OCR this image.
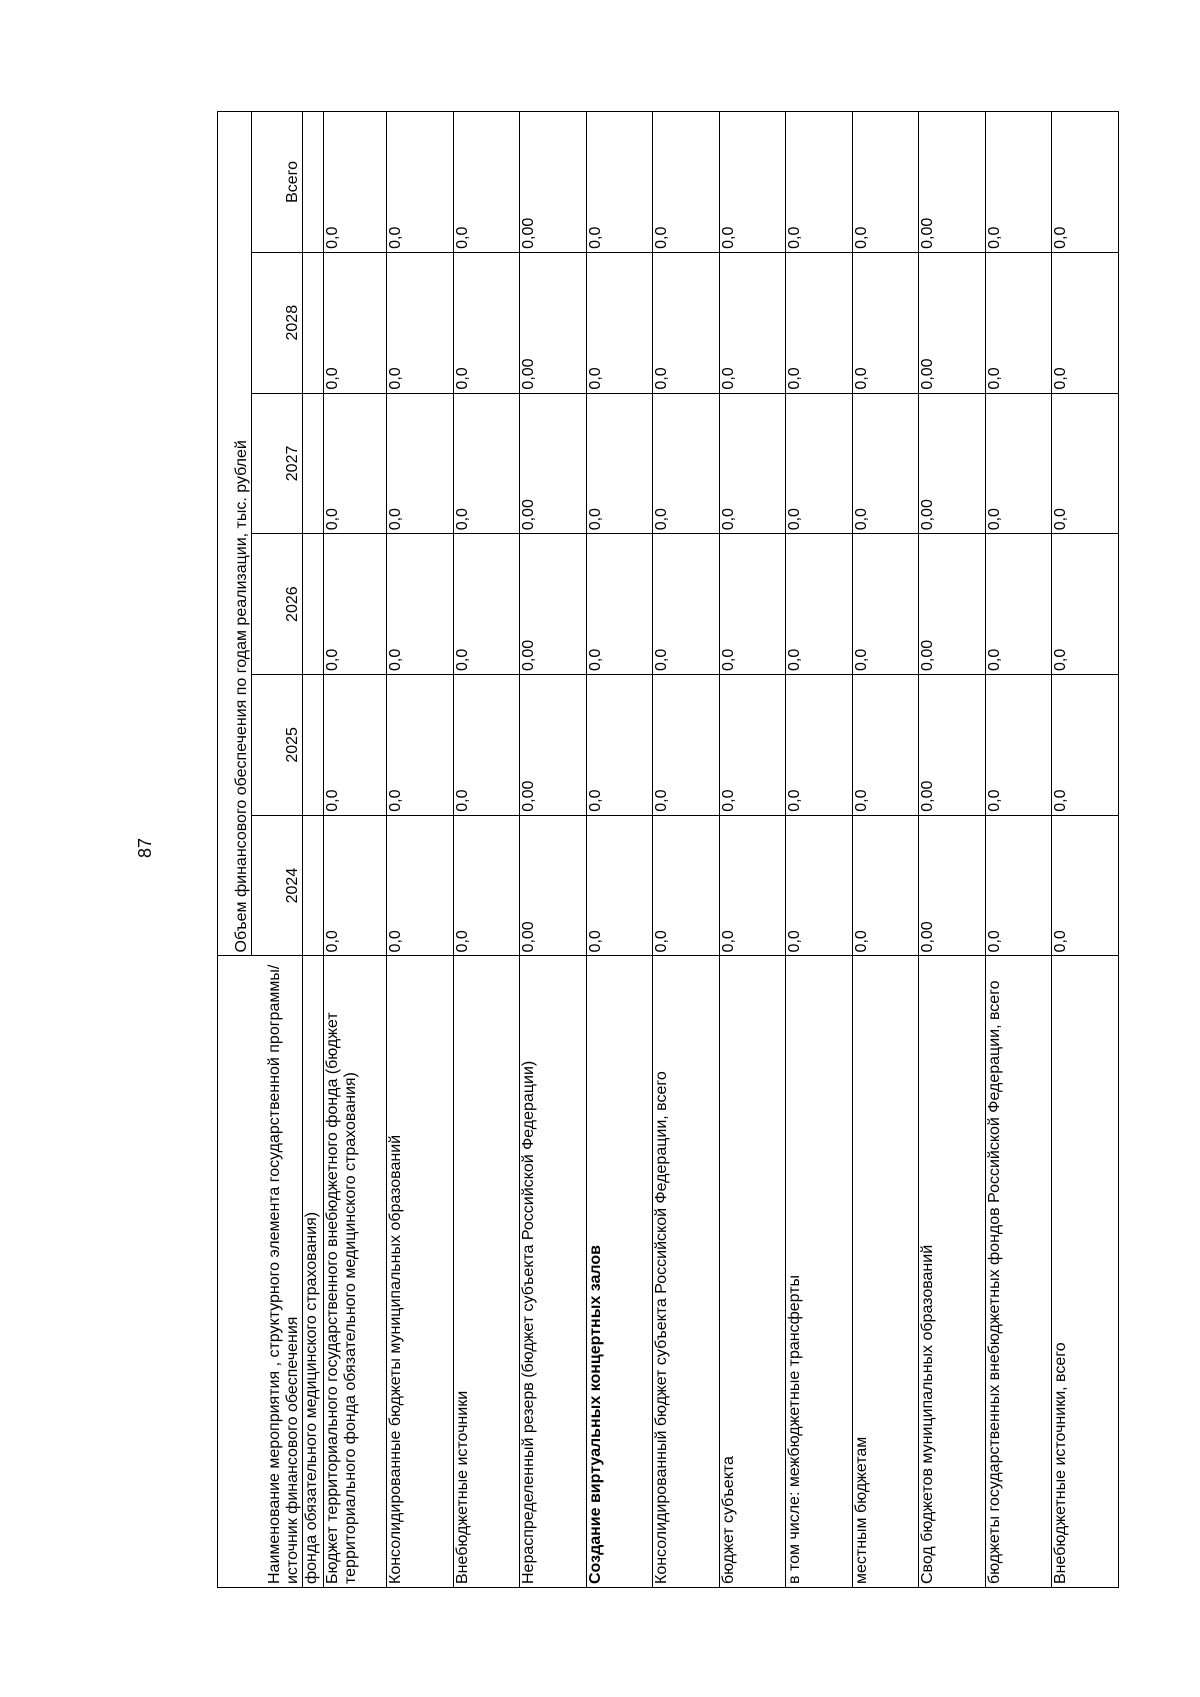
87
Наименование мероприятия , структурного элемента государственной программы/источник финансового обеспечения	Объем финансового обеспечения по годам реализации, тыс. рублей					
	2024	2025	2026	2027	2028	Всего
фонда обязательного медицинского страхования)						
Бюджет территориального государственного внебюджетного фонда (бюджет территориального фонда обязательного медицинского страхования)	0,0	0,0	0,0	0,0	0,0	0,0
Консолидированные бюджеты муниципальных образований	0,0	0,0	0,0	0,0	0,0	0,0
Внебюджетные источники	0,0	0,0	0,0	0,0	0,0	0,0
Нераспределенный резерв (бюджет субъекта Российской Федерации)	0,00	0,00	0,00	0,00	0,00	0,00
Создание виртуальных концертных залов	0,0	0,0	0,0	0,0	0,0	0,0
Консолидированный бюджет субъекта Российской Федерации, всего	0,0	0,0	0,0	0,0	0,0	0,0
бюджет субъекта	0,0	0,0	0,0	0,0	0,0	0,0
в том числе: межбюджетные трансферты	0,0	0,0	0,0	0,0	0,0	0,0
местным бюджетам	0,0	0,0	0,0	0,0	0,0	0,0
Свод бюджетов муниципальных образований	0,00	0,00	0,00	0,00	0,00	0,00
бюджеты государственных внебюджетных фондов Российской Федерации, всего	0,0	0,0	0,0	0,0	0,0	0,0
Внебюджетные источники, всего	0,0	0,0	0,0	0,0	0,0	0,0
